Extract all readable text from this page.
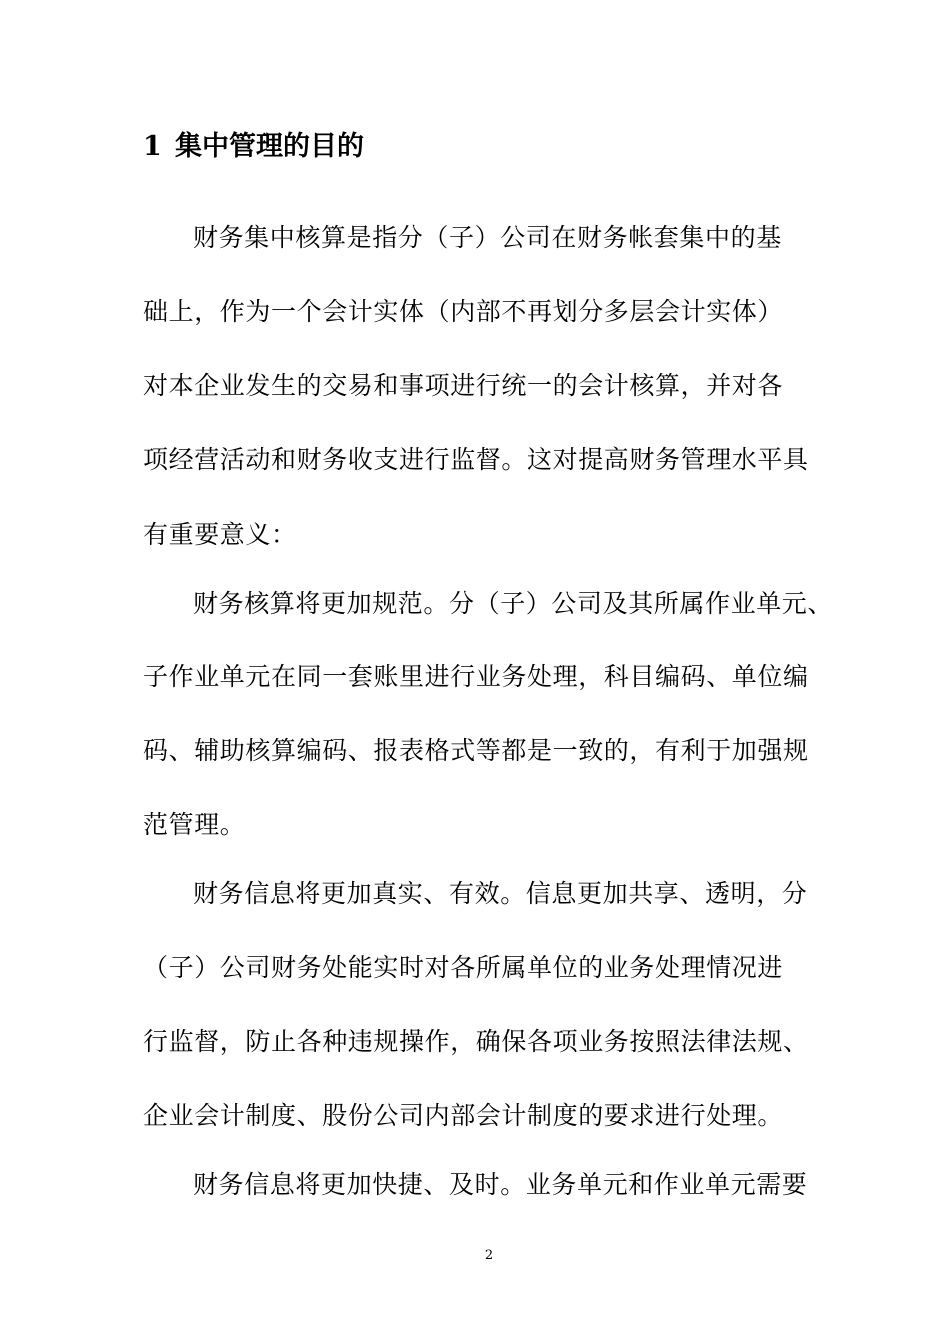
1 集中管理的目的

财务集中核算是指分（子）公司在财务帐套集中的基

础上，作为一个会计实体（内部不再划分多层会计实体）

对本企业发生的交易和事项进行统一的会计核算，并对各

项经营活动和财务收支进行监督。这对提高财务管理水平具

有重要意义：

财务核算将更加规范。分（子）公司及其所属作业单元、

子作业单元在同一套账里进行业务处理，科目编码、单位编

码、辅助核算编码、报表格式等都是一致的，有利于加强规

范管理。

财务信息将更加真实、有效。信息更加共享、透明，分

（子）公司财务处能实时对各所属单位的业务处理情况进

行监督，防止各种违规操作，确保各项业务按照法律法规、

企业会计制度、股份公司内部会计制度的要求进行处理。

财务信息将更加快捷、及时。业务单元和作业单元需要

2
